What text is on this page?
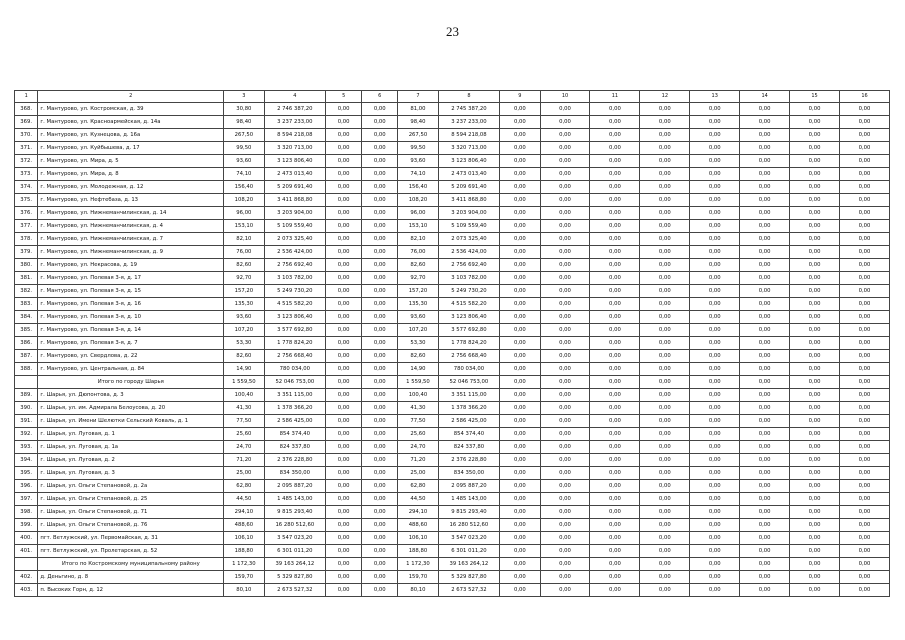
23
1	2	3	4	5	6	7	8	9	10	11	12	13	14	15	16
368.	г. Мантурово, ул. Костромская, д. 39	30,80	2 746 387,20	0,00	0,00	81,00	2 745 387,20	0,00	0,00	0,00	0,00	0,00	0,00	0,00	0,00
369.	г. Мантурово, ул. Красноармейская, д. 14а	98,40	3 237 233,00	0,00	0,00	98,40	3 237 233,00	0,00	0,00	0,00	0,00	0,00	0,00	0,00	0,00
370.	г. Мантурово, ул. Кузнецова, д. 16а	267,50	8 594 218,08	0,00	0,00	267,50	8 594 218,08	0,00	0,00	0,00	0,00	0,00	0,00	0,00	0,00
371.	г. Мантурово, ул. Куйбышева, д. 17	99,50	3 320 713,00	0,00	0,00	99,50	3 320 713,00	0,00	0,00	0,00	0,00	0,00	0,00	0,00	0,00
372.	г. Мантурово, ул. Мира, д. 5	93,60	3 123 806,40	0,00	0,00	93,60	3 123 806,40	0,00	0,00	0,00	0,00	0,00	0,00	0,00	0,00
373.	г. Мантурово, ул. Мира, д. 8	74,10	2 473 013,40	0,00	0,00	74,10	2 473 013,40	0,00	0,00	0,00	0,00	0,00	0,00	0,00	0,00
374.	г. Мантурово, ул. Молодежная, д. 12	156,40	5 209 691,40	0,00	0,00	156,40	5 209 691,40	0,00	0,00	0,00	0,00	0,00	0,00	0,00	0,00
375.	г. Мантурово, ул. Нефтебаза, д. 13	108,20	3 411 868,80	0,00	0,00	108,20	3 411 868,80	0,00	0,00	0,00	0,00	0,00	0,00	0,00	0,00
376.	г. Мантурово, ул. Нижнеманчилинская, д. 14	96,00	3 203 904,00	0,00	0,00	96,00	3 203 904,00	0,00	0,00	0,00	0,00	0,00	0,00	0,00	0,00
377.	г. Мантурово, ул. Нижнеманчилинская, д. 4	153,10	5 109 559,40	0,00	0,00	153,10	5 109 559,40	0,00	0,00	0,00	0,00	0,00	0,00	0,00	0,00
378.	г. Мантурово, ул. Нижнеманчилинская, д. 7	82,10	2 073 325,40	0,00	0,00	82,10	2 073 325,40	0,00	0,00	0,00	0,00	0,00	0,00	0,00	0,00
379.	г. Мантурово, ул. Нижнеманчилинская, д. 9	76,00	2 536 424,00	0,00	0,00	76,00	2 536 424,00	0,00	0,00	0,00	0,00	0,00	0,00	0,00	0,00
380.	г. Мантурово, ул. Некрасова, д. 19	82,60	2 756 692,40	0,00	0,00	82,60	2 756 692,40	0,00	0,00	0,00	0,00	0,00	0,00	0,00	0,00
381.	г. Мантурово, ул. Полевая 3-я, д. 17	92,70	3 103 782,00	0,00	0,00	92,70	3 103 782,00	0,00	0,00	0,00	0,00	0,00	0,00	0,00	0,00
382.	г. Мантурово, ул. Полевая 3-я, д. 15	157,20	5 249 730,20	0,00	0,00	157,20	5 249 730,20	0,00	0,00	0,00	0,00	0,00	0,00	0,00	0,00
383.	г. Мантурово, ул. Полевая 3-я, д. 16	135,30	4 515 582,20	0,00	0,00	135,30	4 515 582,20	0,00	0,00	0,00	0,00	0,00	0,00	0,00	0,00
384.	г. Мантурово, ул. Полевая 3-я, д. 10	93,60	3 123 806,40	0,00	0,00	93,60	3 123 806,40	0,00	0,00	0,00	0,00	0,00	0,00	0,00	0,00
385.	г. Мантурово, ул. Полевая 3-я, д. 14	107,20	3 577 692,80	0,00	0,00	107,20	3 577 692,80	0,00	0,00	0,00	0,00	0,00	0,00	0,00	0,00
386.	г. Мантурово, ул. Полевая 3-я, д. 7	53,30	1 778 824,20	0,00	0,00	53,30	1 778 824,20	0,00	0,00	0,00	0,00	0,00	0,00	0,00	0,00
387.	г. Мантурово, ул. Свердлова, д. 22	82,60	2 756 668,40	0,00	0,00	82,60	2 756 668,40	0,00	0,00	0,00	0,00	0,00	0,00	0,00	0,00
388.	г. Мантурово, ул. Центральная, д. 84	14,90	780 034,00	0,00	0,00	14,90	780 034,00	0,00	0,00	0,00	0,00	0,00	0,00	0,00	0,00
	Итого по городу Шарья	1 559,50	52 046 753,00	0,00	0,00	1 559,50	52 046 753,00	0,00	0,00	0,00	0,00	0,00	0,00	0,00	0,00
389.	г. Шарья, ул. Дюпонтова, д. 3	100,40	3 351 115,00	0,00	0,00	100,40	3 351 115,00	0,00	0,00	0,00	0,00	0,00	0,00	0,00	0,00
390.	г. Шарья, ул. им. Адмирала Белоусова, д. 20	41,30	1 378 366,20	0,00	0,00	41,30	1 378 366,20	0,00	0,00	0,00	0,00	0,00	0,00	0,00	0,00
391.	г. Шарья, ул. Имени Шелютки Сельский Коваль, д. 1	77,50	2 586 425,00	0,00	0,00	77,50	2 586 425,00	0,00	0,00	0,00	0,00	0,00	0,00	0,00	0,00
392.	г. Шарья, ул. Луговая, д. 1	25,60	854 374,40	0,00	0,00	25,60	854 374,40	0,00	0,00	0,00	0,00	0,00	0,00	0,00	0,00
393.	г. Шарья, ул. Луговая, д. 1а	24,70	824 337,80	0,00	0,00	24,70	824 337,80	0,00	0,00	0,00	0,00	0,00	0,00	0,00	0,00
394.	г. Шарья, ул. Луговая, д. 2	71,20	2 376 228,80	0,00	0,00	71,20	2 376 228,80	0,00	0,00	0,00	0,00	0,00	0,00	0,00	0,00
395.	г. Шарья, ул. Луговая, д. 3	25,00	834 350,00	0,00	0,00	25,00	834 350,00	0,00	0,00	0,00	0,00	0,00	0,00	0,00	0,00
396.	г. Шарья, ул. Ольги Степановой, д. 2а	62,80	2 095 887,20	0,00	0,00	62,80	2 095 887,20	0,00	0,00	0,00	0,00	0,00	0,00	0,00	0,00
397.	г. Шарья, ул. Ольги Степановой, д. 25	44,50	1 485 143,00	0,00	0,00	44,50	1 485 143,00	0,00	0,00	0,00	0,00	0,00	0,00	0,00	0,00
398.	г. Шарья, ул. Ольги Степановой, д. 71	294,10	9 815 293,40	0,00	0,00	294,10	9 815 293,40	0,00	0,00	0,00	0,00	0,00	0,00	0,00	0,00
399.	г. Шарья, ул. Ольги Степановой, д. 76	488,60	16 280 512,60	0,00	0,00	488,60	16 280 512,60	0,00	0,00	0,00	0,00	0,00	0,00	0,00	0,00
400.	пгт. Ветлужский, ул. Первомайская, д. 31	106,10	3 547 023,20	0,00	0,00	106,10	3 547 023,20	0,00	0,00	0,00	0,00	0,00	0,00	0,00	0,00
401.	пгт. Ветлужский, ул. Пролетарская, д. 52	188,80	6 301 011,20	0,00	0,00	188,80	6 301 011,20	0,00	0,00	0,00	0,00	0,00	0,00	0,00	0,00
	Итого по Костромскому муниципальному району	1 172,30	39 163 264,12	0,00	0,00	1 172,30	39 163 264,12	0,00	0,00	0,00	0,00	0,00	0,00	0,00	0,00
402.	д. Деньгино, д. 8	159,70	5 329 827,80	0,00	0,00	159,70	5 329 827,80	0,00	0,00	0,00	0,00	0,00	0,00	0,00	0,00
403.	п. Высоких Горн, д. 12	80,10	2 673 527,32	0,00	0,00	80,10	2 673 527,32	0,00	0,00	0,00	0,00	0,00	0,00	0,00	0,00
